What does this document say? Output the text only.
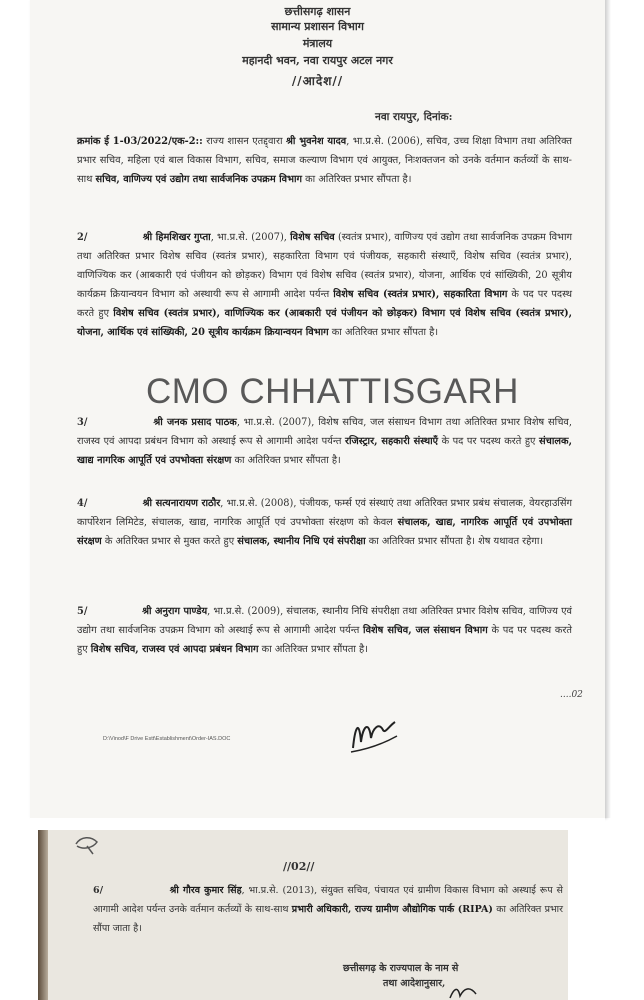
छत्तीसगढ़ शासन
सामान्य प्रशासन विभाग
मंत्रालय
महानदी भवन, नवा रायपुर अटल नगर
//आदेश//
नवा रायपुर, दिनांक:
क्रमांक ई 1-03/2022/एक-2:: राज्य शासन एतद्द्वारा श्री भुवनेश यादव, भा.प्र.से. (2006), सचिव, उच्च शिक्षा विभाग तथा अतिरिक्त प्रभार सचिव, महिला एवं बाल विकास विभाग, सचिव, समाज कल्याण विभाग एवं आयुक्त, निःशक्तजन को उनके वर्तमान कर्तव्यों के साथ-साथ सचिव, वाणिज्य एवं उद्योग तथा सार्वजनिक उपक्रम विभाग का अतिरिक्त प्रभार सौंपता है।
2/	श्री हिमशिखर गुप्ता, भा.प्र.से. (2007), विशेष सचिव (स्वतंत्र प्रभार), वाणिज्य एवं उद्योग तथा सार्वजनिक उपक्रम विभाग तथा अतिरिक्त प्रभार विशेष सचिव (स्वतंत्र प्रभार), सहकारिता विभाग एवं पंजीयक, सहकारी संस्थाएँ, विशेष सचिव (स्वतंत्र प्रभार), वाणिज्यिक कर (आबकारी एवं पंजीयन को छोड़कर) विभाग एवं विशेष सचिव (स्वतंत्र प्रभार), योजना, आर्थिक एवं सांख्यिकी, 20 सूत्रीय कार्यक्रम क्रियान्वयन विभाग को अस्थायी रूप से आगामी आदेश पर्यन्त विशेष सचिव (स्वतंत्र प्रभार), सहकारिता विभाग के पद पर पदस्थ करते हुए विशेष सचिव (स्वतंत्र प्रभार), वाणिज्यिक कर (आबकारी एवं पंजीयन को छोड़कर) विभाग एवं विशेष सचिव (स्वतंत्र प्रभार), योजना, आर्थिक एवं सांख्यिकी, 20 सूत्रीय कार्यक्रम क्रियान्वयन विभाग का अतिरिक्त प्रभार सौंपता है।
CMO CHHATTISGARH
3/	श्री जनक प्रसाद पाठक, भा.प्र.से. (2007), विशेष सचिव, जल संसाधन विभाग तथा अतिरिक्त प्रभार विशेष सचिव, राजस्व एवं आपदा प्रबंधन विभाग को अस्थाई रूप से आगामी आदेश पर्यन्त रजिस्ट्रार, सहकारी संस्थाएँ के पद पर पदस्थ करते हुए संचालक, खाद्य नागरिक आपूर्ति एवं उपभोक्ता संरक्षण का अतिरिक्त प्रभार सौंपता है।
4/	श्री सत्यनारायण राठौर, भा.प्र.से. (2008), पंजीयक, फर्म्स एवं संस्थाएं तथा अतिरिक्त प्रभार प्रबंध संचालक, वेयरहाउसिंग कार्पोरेशन लिमिटेड, संचालक, खाद्य, नागरिक आपूर्ति एवं उपभोक्ता संरक्षण को केवल संचालक, खाद्य, नागरिक आपूर्ति एवं उपभोक्ता संरक्षण के अतिरिक्त प्रभार से मुक्त करते हुए संचालक, स्थानीय निधि एवं संपरीक्षा का अतिरिक्त प्रभार सौंपता है। शेष यथावत रहेगा।
5/	श्री अनुराग पाण्डेय, भा.प्र.से. (2009), संचालक, स्थानीय निधि संपरीक्षा तथा अतिरिक्त प्रभार विशेष सचिव, वाणिज्य एवं उद्योग तथा सार्वजनिक उपक्रम विभाग को अस्थाई रूप से आगामी आदेश पर्यन्त विशेष सचिव, जल संसाधन विभाग के पद पर पदस्थ करते हुए विशेष सचिव, राजस्व एवं आपदा प्रबंधन विभाग का अतिरिक्त प्रभार सौंपता है।
....02
D:\Vinod\F Drive Estt\Establishment\Order-IAS.DOC
//02//
6/	श्री गौरव कुमार सिंह, भा.प्र.से. (2013), संयुक्त सचिव, पंचायत एवं ग्रामीण विकास विभाग को अस्थाई रूप से आगामी आदेश पर्यन्त उनके वर्तमान कर्तव्यों के साथ-साथ प्रभारी अधिकारी, राज्य ग्रामीण औद्योगिक पार्क (RIPA) का अतिरिक्त प्रभार सौंपा जाता है।
छत्तीसगढ़ के राज्यपाल के नाम से
तथा आदेशानुसार,
